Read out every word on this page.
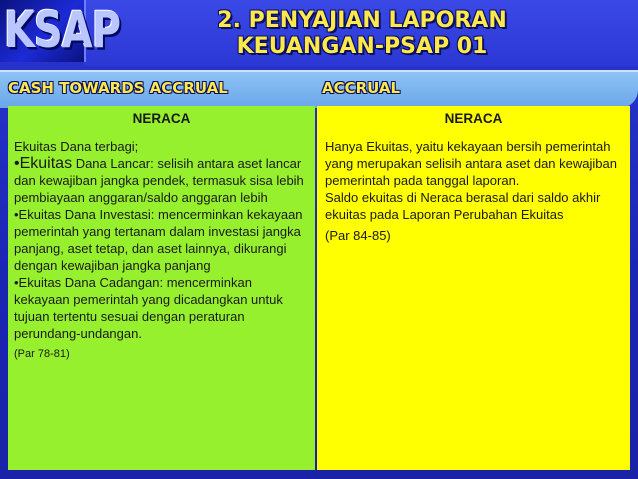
KSAP	2. PENYAJIAN LAPORAN
KEUANGAN-PSAP 01
CASH TOWARDS ACCRUAL	ACCRUAL
NERACA

Ekuitas Dana terbagi;

•Ekuitas Dana Lancar: selisih antara aset lancar dan kewajiban jangka pendek, termasuk sisa lebih pembiayaan anggaran/saldo anggaran lebih

•Ekuitas Dana Investasi: mencerminkan kekayaan pemerintah yang tertanam dalam investasi jangka panjang, aset tetap, dan aset lainnya, dikurangi dengan kewajiban jangka panjang

•Ekuitas Dana Cadangan: mencerminkan kekayaan pemerintah yang dicadangkan untuk tujuan tertentu sesuai dengan peraturan perundang-undangan.

(Par 78-81)

NERACA

Hanya Ekuitas, yaitu kekayaan bersih pemerintah yang merupakan selisih antara aset dan kewajiban pemerintah pada tanggal laporan.

Saldo ekuitas di Neraca berasal dari saldo akhir ekuitas pada Laporan Perubahan Ekuitas

(Par 84-85)
